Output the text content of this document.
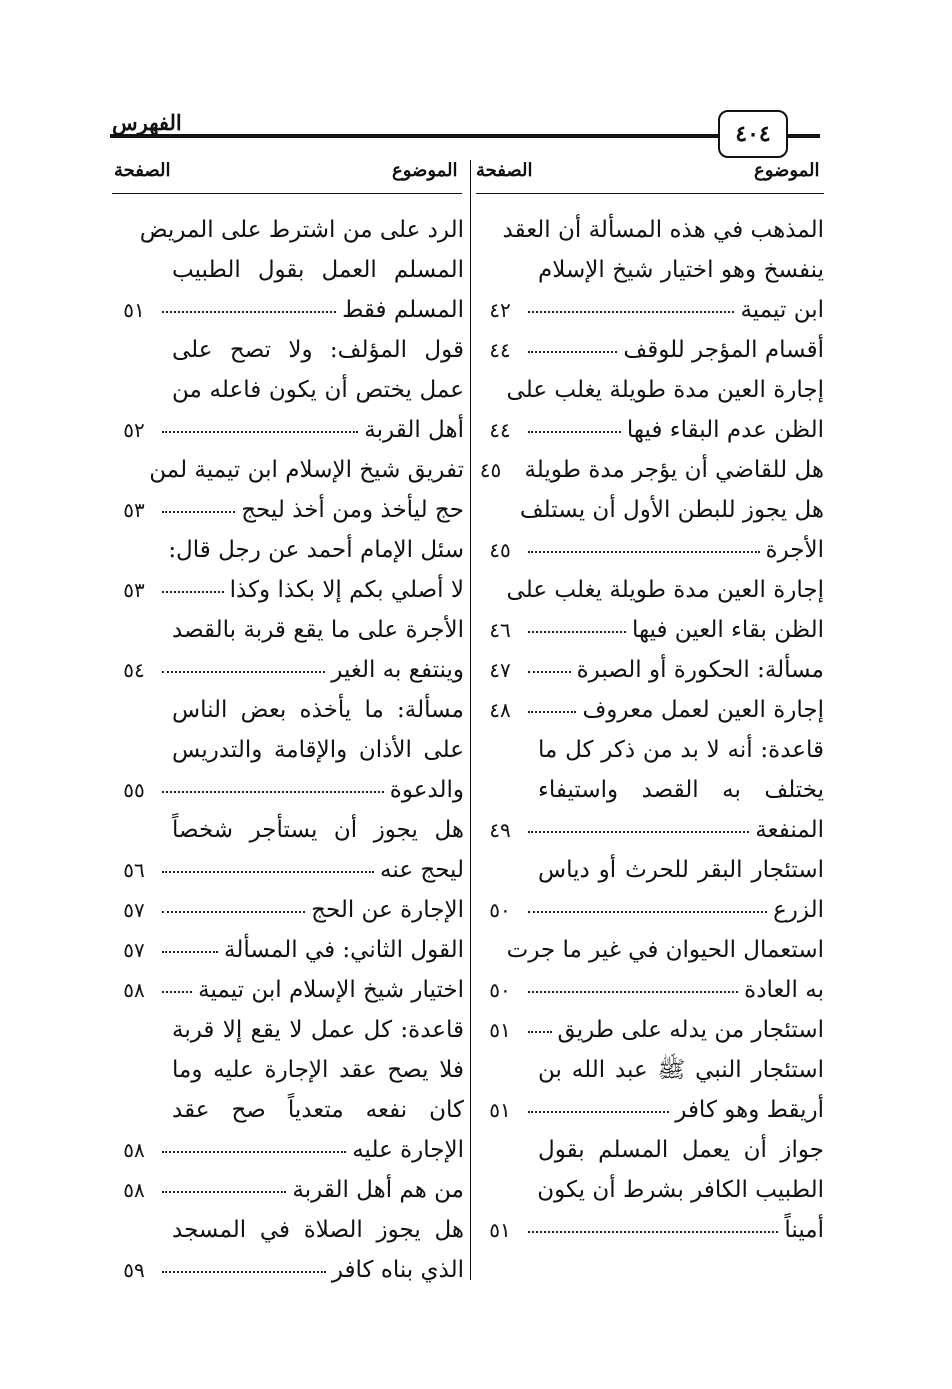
٤٠٤
الفهرس
الموضوع
الصفحة
الموضوع
الصفحة
المذهب في هذه المسألة أن العقد
ينفسخ وهو اختيار شيخ الإسلام
ابن تيمية
٤٢
أقسام المؤجر للوقف
٤٤
إجارة العين مدة طويلة يغلب على
الظن عدم البقاء فيها
٤٤
هل للقاضي أن يؤجر مدة طويلة
٤٥
هل يجوز للبطن الأول أن يستلف
الأجرة
٤٥
إجارة العين مدة طويلة يغلب على
الظن بقاء العين فيها
٤٦
مسألة: الحكورة أو الصبرة
٤٧
إجارة العين لعمل معروف
٤٨
قاعدة: أنه لا بد من ذكر كل ما
يختلف به القصد واستيفاء
المنفعة
٤٩
استئجار البقر للحرث أو دياس
الزرع
٥٠
استعمال الحيوان في غير ما جرت
به العادة
٥٠
استئجار من يدله على طريق
٥١
استئجار النبي ﷺ عبد الله بن
أريقط وهو كافر
٥١
جواز أن يعمل المسلم بقول
الطبيب الكافر بشرط أن يكون
أميناً
٥١
الرد على من اشترط على المريض
المسلم العمل بقول الطبيب
المسلم فقط
٥١
قول المؤلف: ولا تصح على
عمل يختص أن يكون فاعله من
أهل القربة
٥٢
تفريق شيخ الإسلام ابن تيمية لمن
حج ليأخذ ومن أخذ ليحج
٥٣
سئل الإمام أحمد عن رجل قال:
لا أصلي بكم إلا بكذا وكذا
٥٣
الأجرة على ما يقع قربة بالقصد
وينتفع به الغير
٥٤
مسألة: ما يأخذه بعض الناس
على الأذان والإقامة والتدريس
والدعوة
٥٥
هل يجوز أن يستأجر شخصاً
ليحج عنه
٥٦
الإجارة عن الحج
٥٧
القول الثاني: في المسألة
٥٧
اختيار شيخ الإسلام ابن تيمية
٥٨
قاعدة: كل عمل لا يقع إلا قربة
فلا يصح عقد الإجارة عليه وما
كان نفعه متعدياً صح عقد
الإجارة عليه
٥٨
من هم أهل القربة
٥٨
هل يجوز الصلاة في المسجد
الذي بناه كافر
٥٩
